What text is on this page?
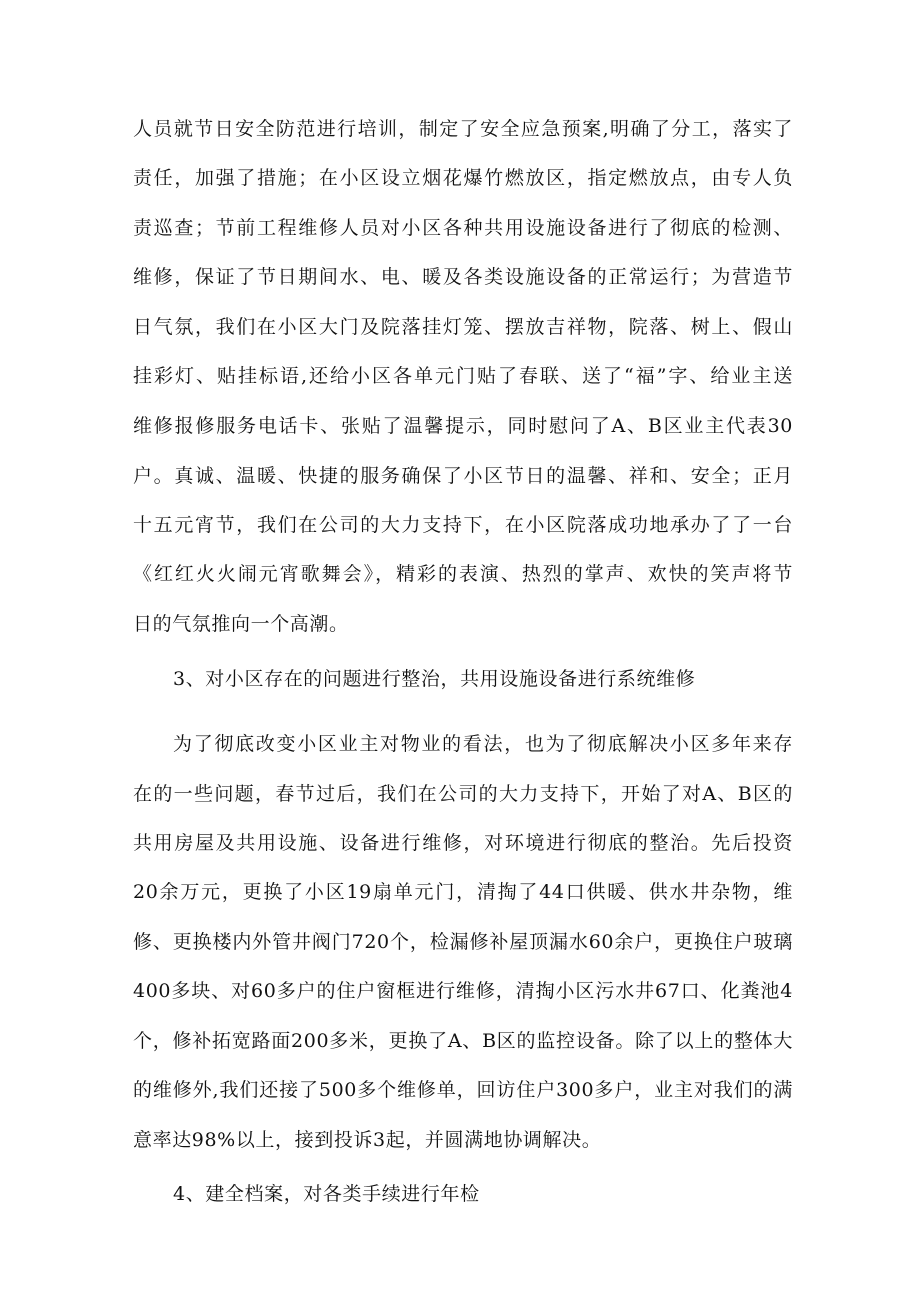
人员就节日安全防范进行培训，制定了安全应急预案,明确了分工，落实了
责任，加强了措施；在小区设立烟花爆竹燃放区，指定燃放点，由专人负
责巡查；节前工程维修人员对小区各种共用设施设备进行了彻底的检测、
维修，保证了节日期间水、电、暖及各类设施设备的正常运行；为营造节
日气氛，我们在小区大门及院落挂灯笼、摆放吉祥物，院落、树上、假山
挂彩灯、贴挂标语,还给小区各单元门贴了春联、送了“福”字、给业主送
维修报修服务电话卡、张贴了温馨提示，同时慰问了A、B区业主代表30
户。真诚、温暖、快捷的服务确保了小区节日的温馨、祥和、安全；正月
十五元宵节，我们在公司的大力支持下，在小区院落成功地承办了了一台
《红红火火闹元宵歌舞会》，精彩的表演、热烈的掌声、欢快的笑声将节
日的气氛推向一个高潮。
3、对小区存在的问题进行整治，共用设施设备进行系统维修
为了彻底改变小区业主对物业的看法，也为了彻底解决小区多年来存
在的一些问题，春节过后，我们在公司的大力支持下，开始了对A、B区的
共用房屋及共用设施、设备进行维修，对环境进行彻底的整治。先后投资
20余万元，更换了小区19扇单元门，清掏了44口供暖、供水井杂物，维
修、更换楼内外管井阀门720个，检漏修补屋顶漏水60余户，更换住户玻璃
400多块、对60多户的住户窗框进行维修，清掏小区污水井67口、化粪池4
个，修补拓宽路面200多米，更换了A、B区的监控设备。除了以上的整体大
的维修外,我们还接了500多个维修单，回访住户300多户，业主对我们的满
意率达98%以上，接到投诉3起，并圆满地协调解决。
4、建全档案，对各类手续进行年检
